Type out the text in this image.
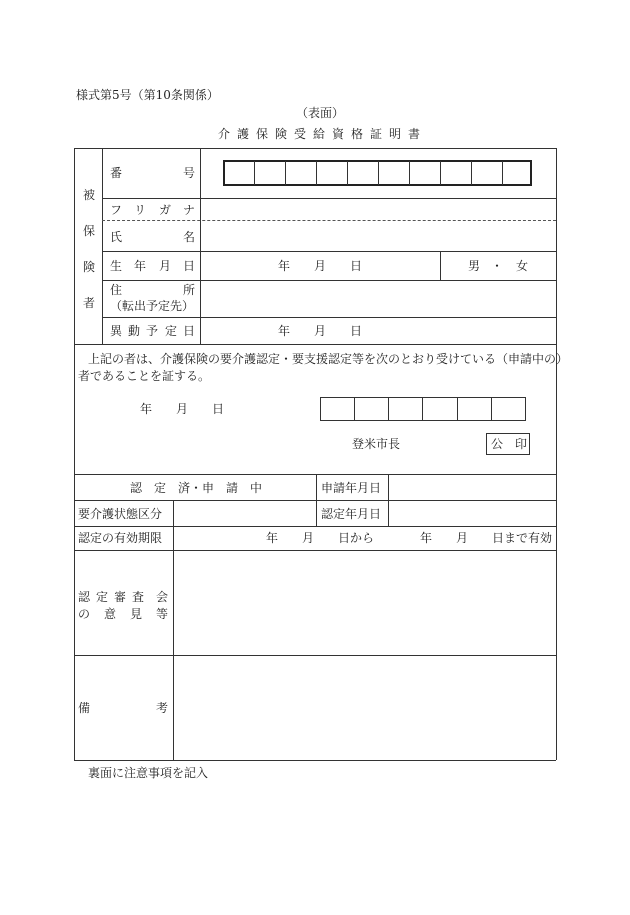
様式第5号（第10条関係）
（表面）
介護保険受給資格証明書
被
保
険
者
番	号
フ リ ガ ナ
氏	名
生 年 月 日	年 月 日	男 ・ 女
住	所
（転出予定先）
異 動 予 定 日	年 月 日
上記の者は、介護保険の要介護認定・要支援認定等を次のとおり受けている（申請中の）
者であることを証する。
年 月 日
登米市長	公　印
認 定 済・申 請 中	申請年月日
要介護状態区分	認定年月日
認定の有効期限	年 月 日から	年 月 日まで有効
認 定 審 査 会
の 意 見 等
備	考
裏面に注意事項を記入
